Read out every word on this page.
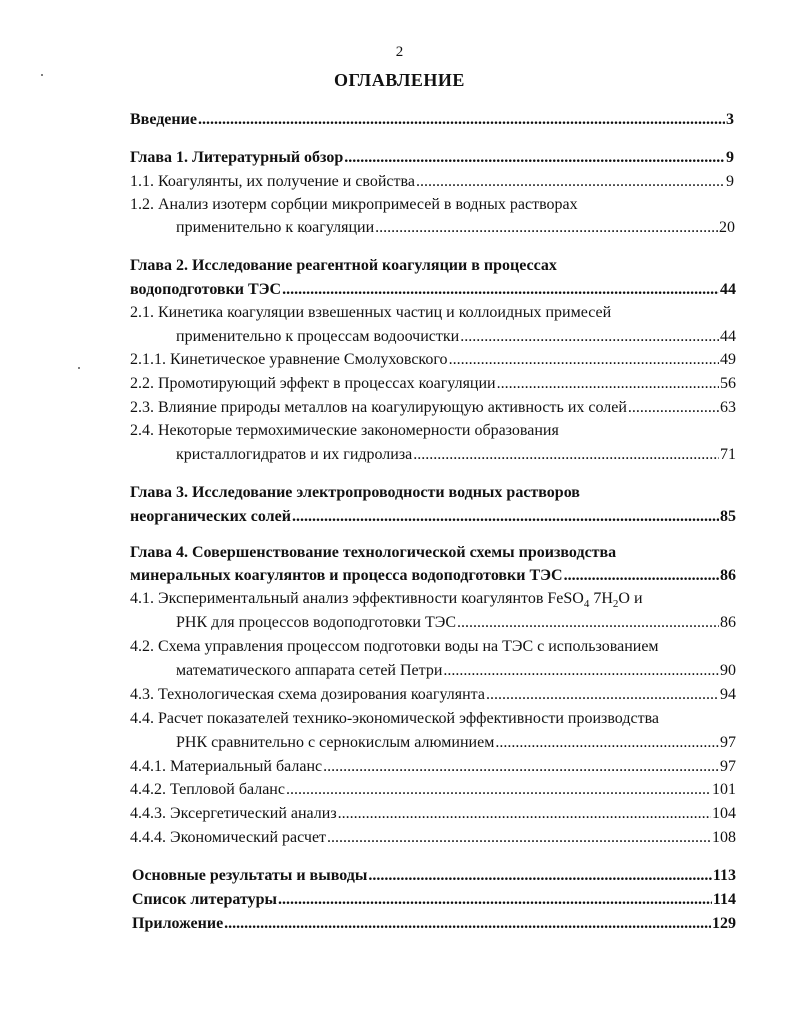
2
ОГЛАВЛЕНИЕ
Введение .....	3
Глава 1. Литературный обзор .....	9
1.1. Коагулянты, их получение и свойства .....	9
1.2. Анализ изотерм сорбции микропримесей в водных растворах
применительно к коагуляции .....	20
Глава 2. Исследование реагентной коагуляции в процессах
водоподготовки ТЭС .....	44
2.1. Кинетика коагуляции взвешенных частиц и коллоидных примесей
применительно к процессам водоочистки .....	44
2.1.1. Кинетическое уравнение Смолуховского .....	49
2.2. Промотирующий эффект в процессах коагуляции .....	56
2.3. Влияние природы металлов на коагулирующую активность их солей .....	63
2.4. Некоторые термохимические закономерности образования
кристаллогидратов и их гидролиза .....	71
Глава 3. Исследование электропроводности водных растворов
неорганических солей .....	85
Глава 4. Совершенствование технологической схемы производства
минеральных коагулянтов и процесса водоподготовки ТЭС .....	86
4.1. Экспериментальный анализ эффективности коагулянтов FeSO$_4$ $7H_2O$ и
РНК для процессов водоподготовки ТЭС .....	86
4.2. Схема управления процессом подготовки воды на ТЭС с использованием
математического аппарата сетей Петри .....	90
4.3. Технологическая схема дозирования коагулянта .....	94
4.4. Расчет показателей технико-экономической эффективности производства
РНК сравнительно с сернокислым алюминием .....	97
4.4.1. Материальный баланс .....	97
4.4.2. Тепловой баланс .....	101
4.4.3. Эксергетический анализ .....	104
4.4.4. Экономический расчет .....	108
Основные результаты и выводы .....	113
Список литературы .....	114
Приложение .....	129
